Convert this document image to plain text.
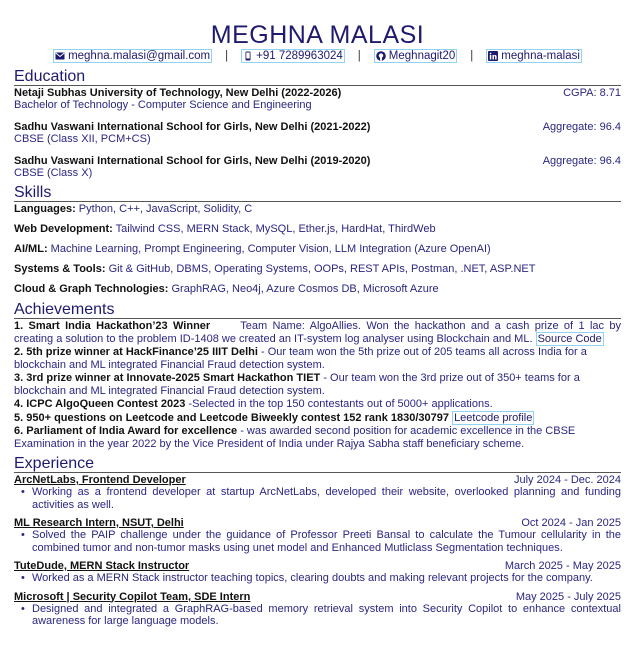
MEGHNA MALASI
meghna.malasi@gmail.com | +91 7289963024 | Meghnagit20 | meghna-malasi
Education
Netaji Subhas University of Technology, New Delhi (2022-2026)	CGPA: 8.71
Bachelor of Technology - Computer Science and Engineering
Sadhu Vaswani International School for Girls, New Delhi (2021-2022)	Aggregate: 96.4
CBSE (Class XII, PCM+CS)
Sadhu Vaswani International School for Girls, New Delhi (2019-2020)	Aggregate: 96.4
CBSE (Class X)
Skills
Languages: Python, C++, JavaScript, Solidity, C
Web Development: Tailwind CSS, MERN Stack, MySQL, Ether.js, HardHat, ThirdWeb
AI/ML: Machine Learning, Prompt Engineering, Computer Vision, LLM Integration (Azure OpenAI)
Systems & Tools: Git & GitHub, DBMS, Operating Systems, OOPs, REST APIs, Postman, .NET, ASP.NET
Cloud & Graph Technologies: GraphRAG, Neo4j, Azure Cosmos DB, Microsoft Azure
Achievements
1. Smart India Hackathon’23 Winner	Team Name: AlgoAllies. Won the hackathon and a cash prize of 1 lac by creating a solution to the problem ID-1408 we created an IT-system log analyser using Blockchain and ML. Source Code
2. 5th prize winner at HackFinance’25 IIIT Delhi - Our team won the 5th prize out of 205 teams all across India for a blockchain and ML integrated Financial Fraud detection system.
3. 3rd prize winner at Innovate-2025 Smart Hackathon TIET - Our team won the 3rd prize out of 350+ teams for a blockchain and ML integrated Financial Fraud detection system.
4. ICPC AlgoQueen Contest 2023 -Selected in the top 150 contestants out of 5000+ applications.
5. 950+ questions on Leetcode and Leetcode Biweekly contest 152 rank 1830/30797 Leetcode profile
6. Parliament of India Award for excellence - was awarded second position for academic excellence in the CBSE Examination in the year 2022 by the Vice President of India under Rajya Sabha staff beneficiary scheme.
Experience
ArcNetLabs, Frontend Developer	July 2024 - Dec. 2024
• Working as a frontend developer at startup ArcNetLabs, developed their website, overlooked planning and funding activities as well.
ML Research Intern, NSUT, Delhi	Oct 2024 - Jan 2025
• Solved the PAIP challenge under the guidance of Professor Preeti Bansal to calculate the Tumour cellularity in the combined tumor and non-tumor masks using unet model and Enhanced Mutliclass Segmentation techniques.
TuteDude, MERN Stack Instructor	March 2025 - May 2025
• Worked as a MERN Stack instructor teaching topics, clearing doubts and making relevant projects for the company.
Microsoft | Security Copilot Team, SDE Intern	May 2025 - July 2025
• Designed and integrated a GraphRAG-based memory retrieval system into Security Copilot to enhance contextual awareness for large language models.
